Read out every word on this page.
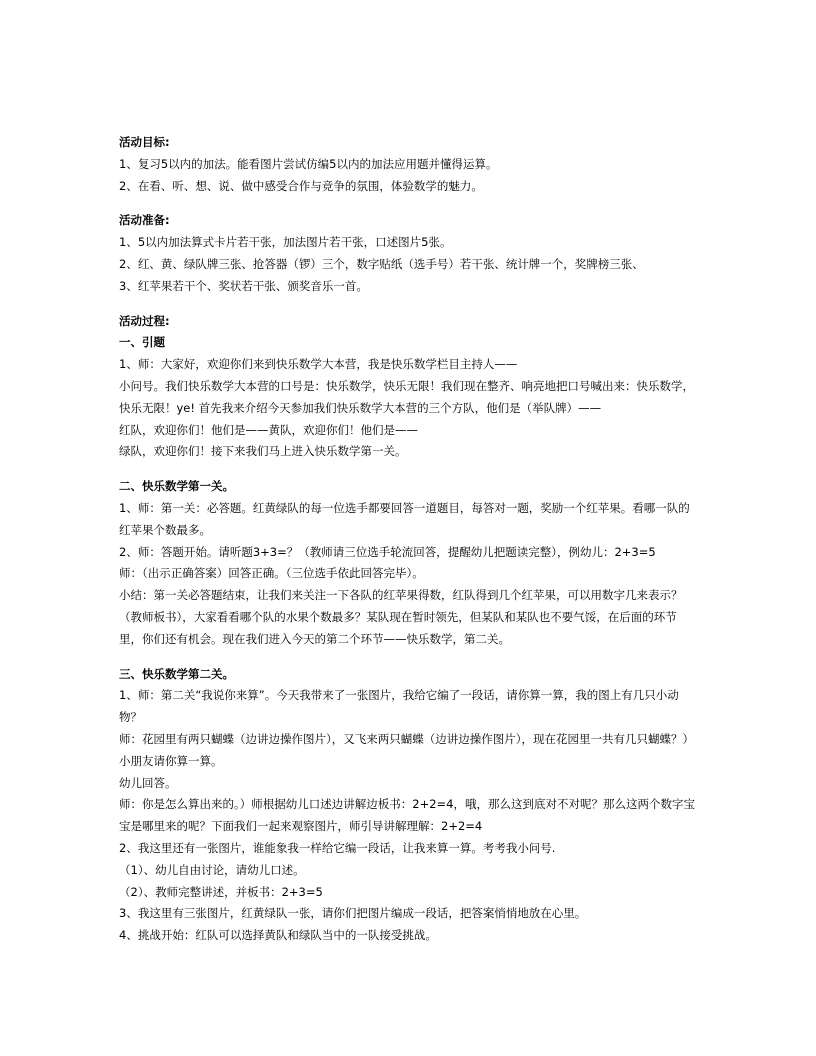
活动目标:
1、复习5以内的加法。能看图片尝试仿编5以内的加法应用题并懂得运算。
2、在看、听、想、说、做中感受合作与竞争的氛围，体验数学的魅力。
活动准备:
1、5以内加法算式卡片若干张，加法图片若干张，口述图片5张。
2、红、黄、绿队牌三张、抢答器（锣）三个，数字贴纸（选手号）若干张、统计牌一个，奖牌榜三张、
3、红苹果若干个、奖状若干张、颁奖音乐一首。
活动过程:
一、引题
1、师：大家好，欢迎你们来到快乐数学大本营，我是快乐数学栏目主持人——
小问号。我们快乐数学大本营的口号是：快乐数学，快乐无限！我们现在整齐、响亮地把口号喊出来：快乐数学，快乐无限！ye! 首先我来介绍今天参加我们快乐数学大本营的三个方队，他们是（举队牌）——
红队，欢迎你们！他们是——黄队，欢迎你们！他们是——
绿队，欢迎你们！接下来我们马上进入快乐数学第一关。
二、快乐数学第一关。
1、师：第一关：必答题。红黄绿队的每一位选手都要回答一道题目，每答对一题，奖励一个红苹果。看哪一队的红苹果个数最多。
2、师：答题开始。请听题3+3=？（教师请三位选手轮流回答，提醒幼儿把题读完整），例幼儿：2+3=5
师：（出示正确答案）回答正确。（三位选手依此回答完毕）。
小结：第一关必答题结束，让我们来关注一下各队的红苹果得数，红队得到几个红苹果，可以用数字几来表示？（教师板书），大家看看哪个队的水果个数最多？某队现在暂时领先，但某队和某队也不要气馁，在后面的环节里，你们还有机会。现在我们进入今天的第二个环节——快乐数学，第二关。
三、快乐数学第二关。
1、师：第二关“我说你来算”。今天我带来了一张图片，我给它编了一段话，请你算一算，我的图上有几只小动物？
师：花园里有两只蝴蝶（边讲边操作图片），又飞来两只蝴蝶（边讲边操作图片），现在花园里一共有几只蝴蝶？）小朋友请你算一算。
幼儿回答。
师：你是怎么算出来的。）师根据幼儿口述边讲解边板书：2+2=4，哦，那么这到底对不对呢？那么这两个数字宝宝是哪里来的呢？下面我们一起来观察图片，师引导讲解理解：2+2=4
2、我这里还有一张图片，谁能象我一样给它编一段话，让我来算一算。考考我小问号.
（1）、幼儿自由讨论，请幼儿口述。
（2）、教师完整讲述，并板书：2+3=5
3、我这里有三张图片，红黄绿队一张，请你们把图片编成一段话，把答案悄悄地放在心里。
4、挑战开始：红队可以选择黄队和绿队当中的一队接受挑战。
